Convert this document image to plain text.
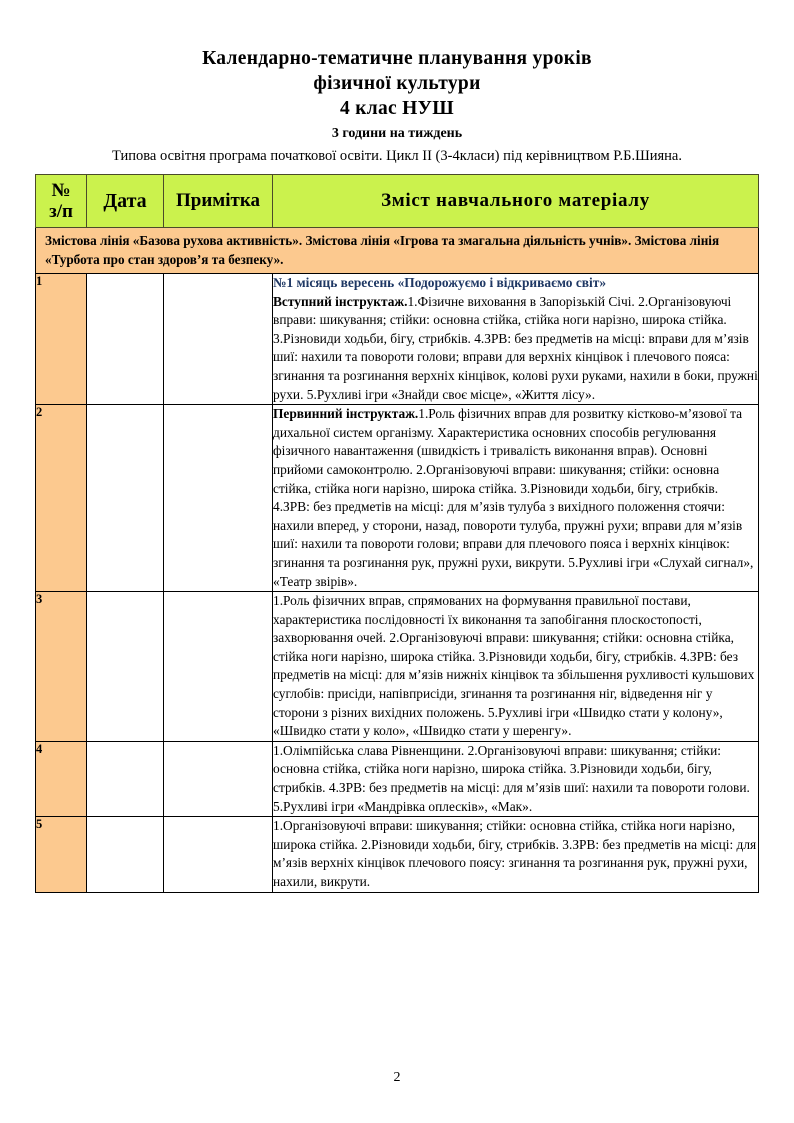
Календарно-тематичне планування уроків
фізичної культури
4 клас НУШ
3 години на тиждень
Типова освітня програма початкової освіти. Цикл ІІ (3-4класи) під керівництвом Р.Б.Шияна.
№
з/п	Дата	Примітка	Зміст навчального матеріалу
Змістова лінія «Базова рухова активність». Змістова лінія «Ігрова та змагальна діяльність учнів». Змістова лінія «Турбота про стан здоров’я та безпеку».			
1			№1 місяць вересень «Подорожуємо і відкриваємо світ»

Вступний інструктаж.1.Фізичне виховання в Запорізькій Січі. 2.Організовуючі вправи: шикування; стійки: основна стійка, стійка ноги нарізно, широка стійка. 3.Різновиди ходьби, бігу, стрибків. 4.ЗРВ: без предметів на місці: вправи для м’язів шиї: нахили та повороти голови; вправи для верхніх кінцівок і плечового пояса: згинання та розгинання верхніх кінцівок, колові рухи руками, нахили в боки, пружні рухи. 5.Рухливі ігри «Знайди своє місце», «Життя лісу».

2			Первинний інструктаж.1.Роль фізичних вправ для розвитку кістково-м’язової та дихальної систем організму. Характеристика основних способів регулювання фізичного навантаження (швидкість і тривалість виконання вправ). Основні прийоми самоконтролю. 2.Організовуючі вправи: шикування; стійки: основна стійка, стійка ноги нарізно, широка стійка. 3.Різновиди ходьби, бігу, стрибків. 4.ЗРВ: без предметів на місці: для м’язів тулуба з вихідного положення стоячи: нахили вперед, у сторони, назад, повороти тулуба, пружні рухи; вправи для м’язів шиї: нахили та повороти голови; вправи для плечового пояса і верхніх кінцівок: згинання та розгинання рук, пружні рухи, викрути. 5.Рухливі ігри «Слухай сигнал», «Театр звірів».

3			1.Роль фізичних вправ, спрямованих на формування правильної постави, характеристика послідовності їх виконання та запобігання плоскостопості, захворювання очей. 2.Організовуючі вправи: шикування; стійки: основна стійка, стійка ноги нарізно, широка стійка. 3.Різновиди ходьби, бігу, стрибків. 4.ЗРВ: без предметів на місці: для м’язів нижніх кінцівок та збільшення рухливості кульшових суглобів: присіди, напівприсіди, згинання та розгинання ніг, відведення ніг у сторони з різних вихідних положень. 5.Рухливі ігри «Швидко стати у колону», «Швидко стати у коло», «Швидко стати у шеренгу».

4			1.Олімпійська слава Рівненщини. 2.Організовуючі вправи: шикування; стійки: основна стійка, стійка ноги нарізно, широка стійка. 3.Різновиди ходьби, бігу, стрибків. 4.ЗРВ: без предметів на місці: для м’язів шиї: нахили та повороти голови. 5.Рухливі ігри «Мандрівка оплесків», «Мак».

5			1.Організовуючі вправи: шикування; стійки: основна стійка, стійка ноги нарізно, широка стійка. 2.Різновиди ходьби, бігу, стрибків. 3.ЗРВ: без предметів на місці: для м’язів верхніх кінцівок плечового поясу: згинання та розгинання рук, пружні рухи, нахили, викрути.

2
